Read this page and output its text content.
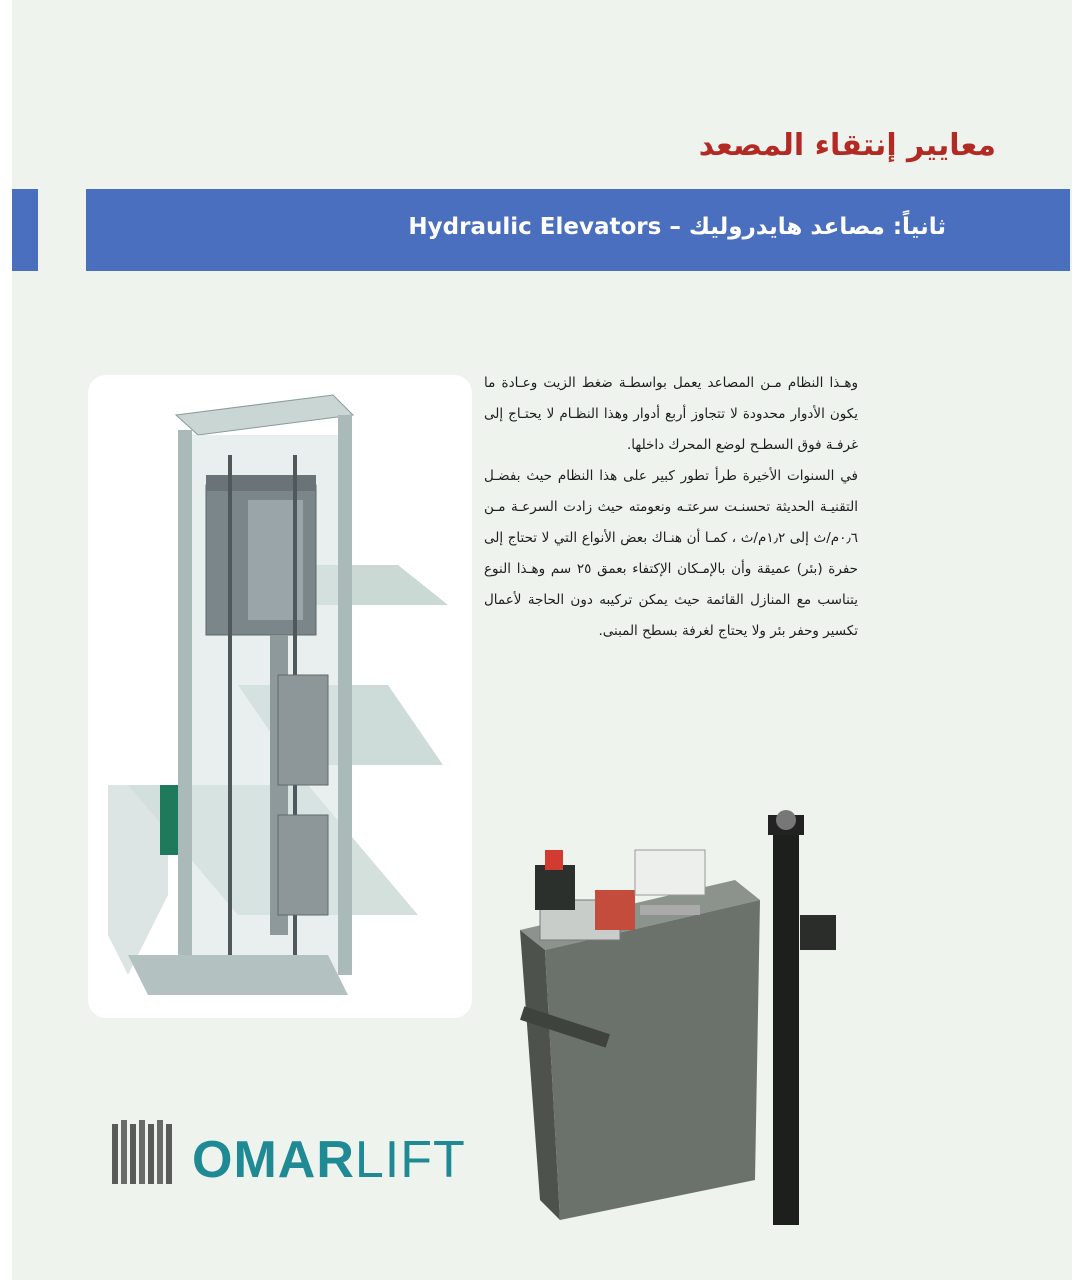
معايير إنتقاء المصعد
ثانياً: مصاعد هايدروليك – Hydraulic Elevators

وهـذا النظام مـن المصاعد يعمل بواسطـة ضغط الزيت وعـادة ما يكون الأدوار محدودة لا تتجاوز أربع أدوار وهذا النظـام لا يحتـاج إلى غرفـة فوق السطـح لوضع المحرك داخلها.

في السنوات الأخيرة طرأ تطور كبير على هذا النظام حيث بفضـل التقنيـة الحديثة تحسنـت سرعتـه ونعومته حيث زادت السرعـة مـن ٠٫٦م/ث إلى ١٫٢م/ث ، كمـا أن هنـاك بعض الأنواع التي لا تحتاج إلى حفرة (بئر) عميقة وأن بالإمـكان الإكتفاء بعمق ٢٥ سم وهـذا النوع يتناسب مع المنازل القائمة حيث يمكن تركيبه دون الحاجة لأعمال تكسير وحفر بئر ولا يحتاج لغرفة بسطح المبنى.

OMARLIFT
